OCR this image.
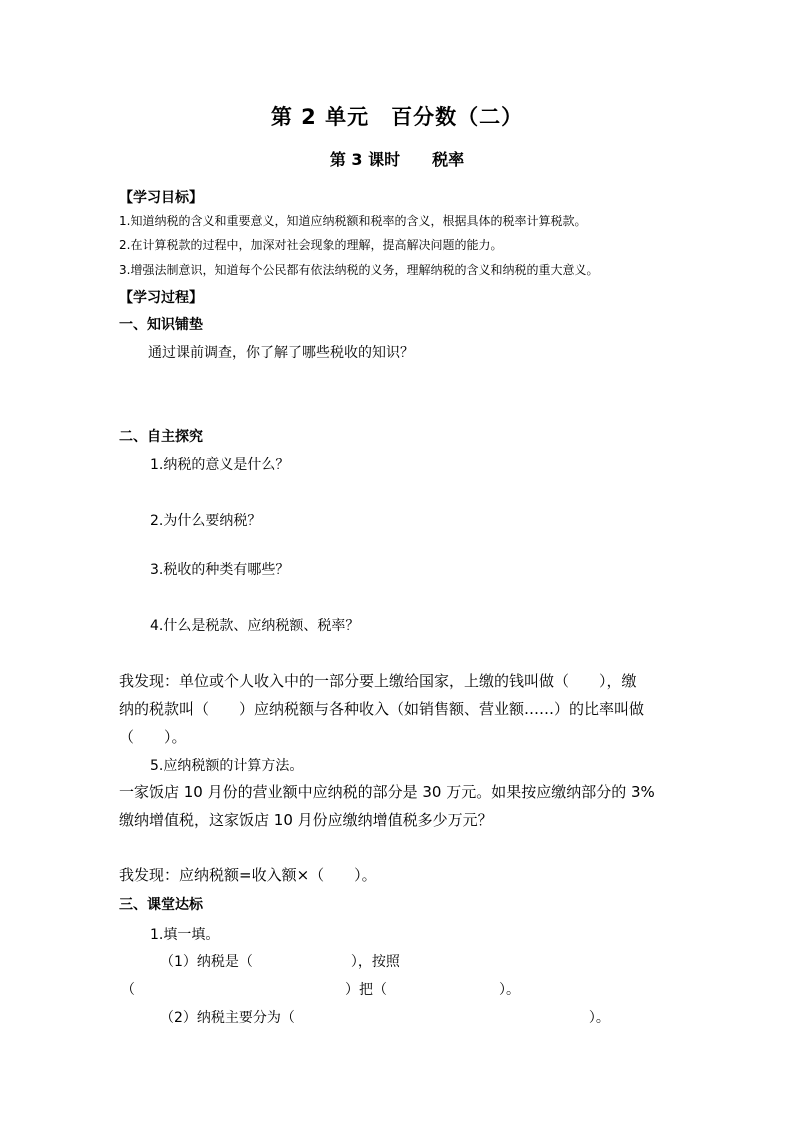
第 2 单元　百分数（二）
第 3 课时　　税率
【学习目标】
1.知道纳税的含义和重要意义，知道应纳税额和税率的含义，根据具体的税率计算税款。
2.在计算税款的过程中，加深对社会现象的理解，提高解决问题的能力。
3.增强法制意识，知道每个公民都有依法纳税的义务，理解纳税的含义和纳税的重大意义。
【学习过程】
一、知识铺垫
通过课前调查，你了解了哪些税收的知识？
二、自主探究
1.纳税的意义是什么？
2.为什么要纳税？
3.税收的种类有哪些？
4.什么是税款、应纳税额、税率？
我发现：单位或个人收入中的一部分要上缴给国家，上缴的钱叫做（　　），缴
纳的税款叫（　　）应纳税额与各种收入（如销售额、营业额……）的比率叫做
（　　）。
5.应纳税额的计算方法。
一家饭店 10 月份的营业额中应纳税的部分是 30 万元。如果按应缴纳部分的 3%
缴纳增值税，这家饭店 10 月份应缴纳增值税多少万元？
我发现：应纳税额=收入额×（　　）。
三、课堂达标
1.填一填。
（1）纳税是（　　　　　　　），按照
（　　　　　　　　　　　　　　　）把（　　　　　　　　）。
（2）纳税主要分为（　　　　　　　　　　　　　　　　　　　　　）。
